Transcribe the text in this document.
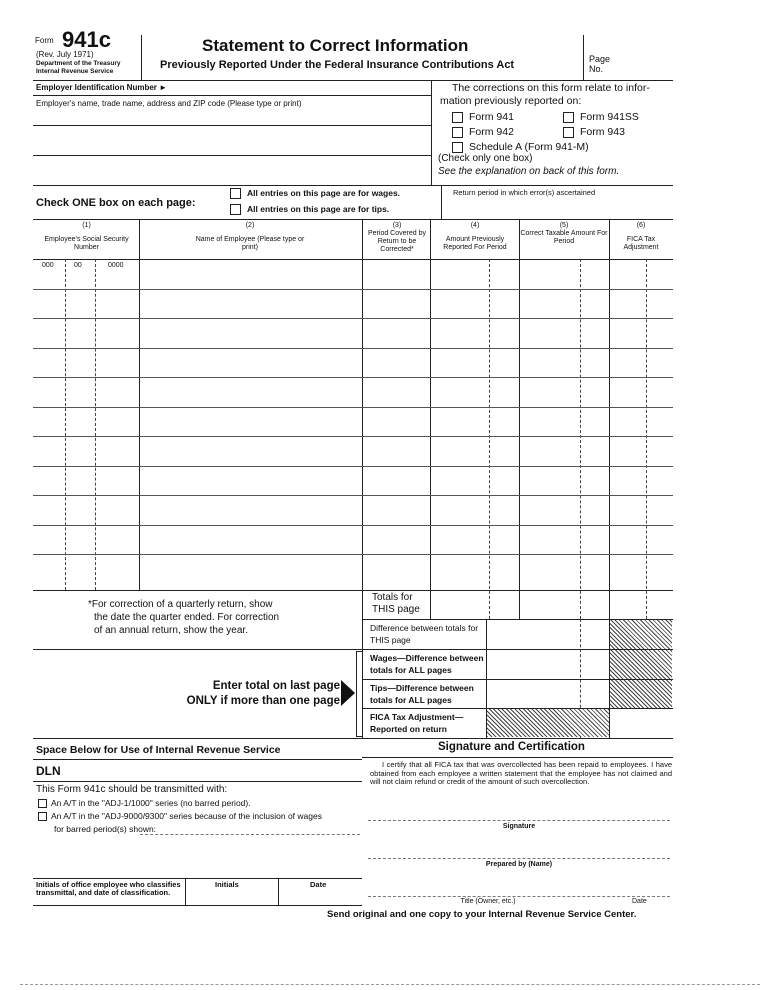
Form 941c
(Rev. July 1971)
Department of the Treasury
Internal Revenue Service
Statement to Correct Information
Previously Reported Under the Federal Insurance Contributions Act	Page
No.
Employer Identification Number ►
Employer's name, trade name, address and ZIP code (Please type or print)
The corrections on this form relate to infor-
mation previously reported on:
Form 941	Form 941SS
Form 942	Form 943
Schedule A (Form 941-M)
(Check only one box)
See the explanation on back of this form.
Check ONE box on each page:
All entries on this page are for wages.
All entries on this page are for tips.
Return period in which error(s) ascertained
(1)
Employee's Social Security Number
(2)
Name of Employee (Please type or print)
(3)
Period Covered by Return to be Corrected*
(4)
Amount Previously Reported For Period
(5)
Correct Taxable Amount For Period
(6)
FICA Tax Adjustment
000	00	0000
*For correction of a quarterly return, show
the date the quarter ended. For correction
of an annual return, show the year.
Totals for THIS page
Difference between totals for THIS page
Wages—Difference between totals for ALL pages
Tips—Difference between totals for ALL pages
FICA Tax Adjustment— Reported on return
Enter total on last page
ONLY if more than one page
Space Below for Use of Internal Revenue Service
DLN
This Form 941c should be transmitted with:
An A/T in the "ADJ-1/1000" series (no barred period).
An A/T in the "ADJ-9000/9300" series because of the inclusion of wages
for barred period(s) shown:
Initials of office employee who classifies transmittal, and date of classification.
Initials	Date
Signature and Certification
I certify that all FICA tax that was overcollected has been repaid to employees. I have obtained from each employee a written statement that the employee has not claimed and will not claim refund or credit of the amount of such overcollection.
Signature
Prepared by (Name)
Title (Owner, etc.)	Date
Send original and one copy to your Internal Revenue Service Center.
